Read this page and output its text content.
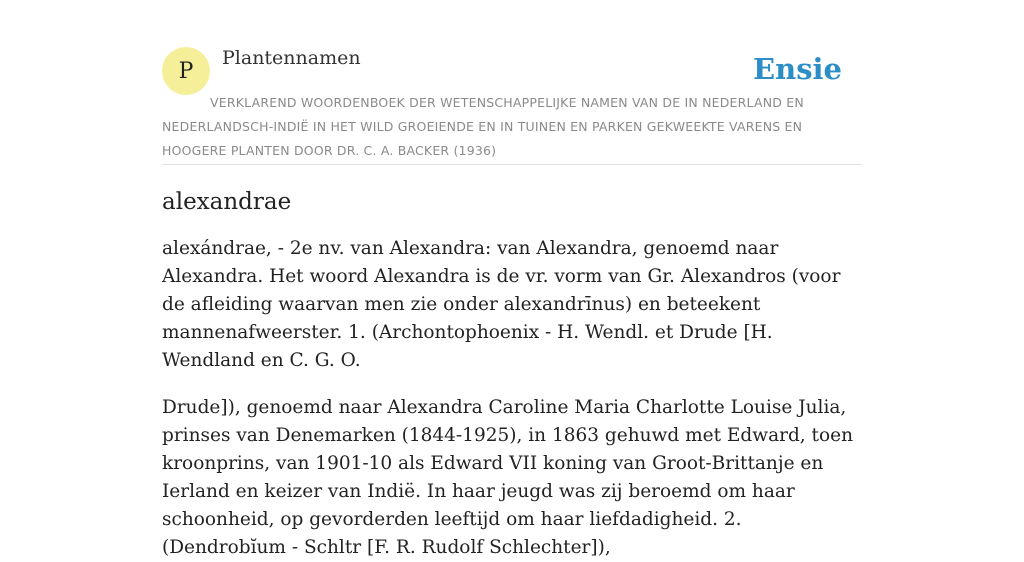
P
Plantennamen	Ensie
VERKLAREND WOORDENBOEK DER WETENSCHAPPELIJKE NAMEN VAN DE IN NEDERLAND EN NEDERLANDSCH-INDIË IN HET WILD GROEIENDE EN IN TUINEN EN PARKEN GEKWEEKTE VARENS EN HOOGERE PLANTEN DOOR DR. C. A. BACKER (1936)
alexandrae

alexándrae, - 2e nv. van Alexandra: van Alexandra, genoemd naar Alexandra. Het woord Alexandra is de vr. vorm van Gr. Alexandros (voor de afleiding waarvan men zie onder alexandrīnus) en beteekent mannenafweerster. 1. (Archontophoenix - H. Wendl. et Drude [H. Wendland en C. G. O.

Drude]), genoemd naar Alexandra Caroline Maria Charlotte Louise Julia, prinses van Denemarken (1844-1925), in 1863 gehuwd met Edward, toen kroonprins, van 1901-10 als Edward VII koning van Groot-Brittanje en Ierland en keizer van Indië. In haar jeugd was zij beroemd om haar schoonheid, op gevorderden leeftijd om haar liefdadigheid. 2. (Dendrobĭum - Schltr [F. R. Rudolf Schlechter]),
